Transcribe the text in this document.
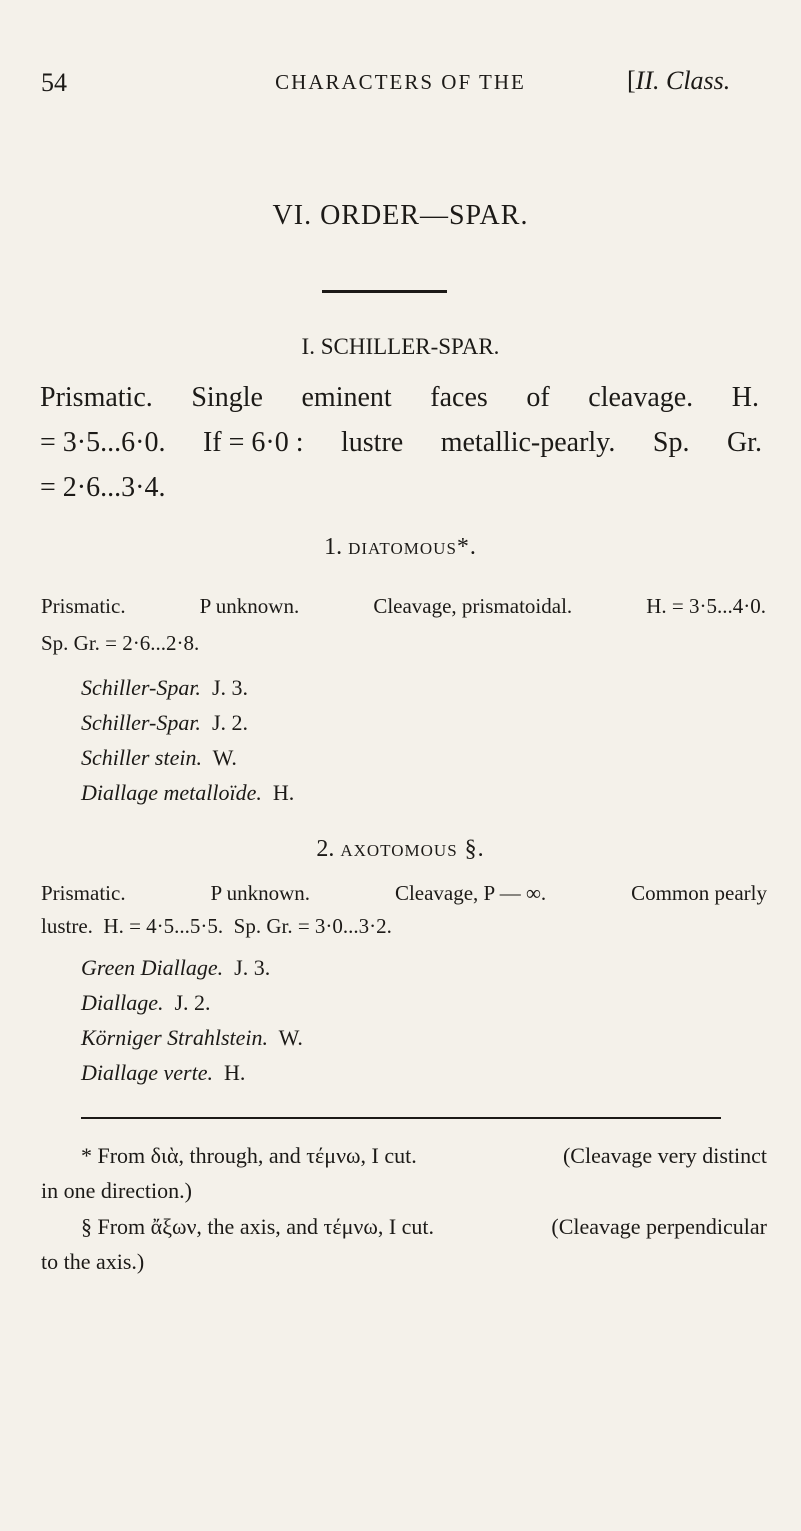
54	CHARACTERS OF THE	[II. Class.
VI. ORDER—SPAR.
I. SCHILLER-SPAR.
Prismatic. Single eminent faces of cleavage. H.
= 3·5...6·0. If = 6·0 : lustre metallic-pearly. Sp. Gr.
= 2·6...3·4.
1. diatomous*.
Prismatic.	P unknown.	Cleavage, prismatoidal.	H. = 3·5...4·0.
Sp. Gr. = 2·6...2·8.
Schiller-Spar. J. 3.
Schiller-Spar. J. 2.
Schiller stein. W.
Diallage metalloïde. H.
2. axotomous §.
Prismatic.	P unknown.	Cleavage, P — ∞.	Common pearly
lustre.  H. = 4·5...5·5.  Sp. Gr. = 3·0...3·2.
Green Diallage. J. 3.
Diallage. J. 2.
Körniger Strahlstein. W.
Diallage verte. H.
* From διὰ, through, and τέμνω, I cut.	(Cleavage very distinct
in one direction.)
§ From ἄξων, the axis, and τέμνω, I cut.	(Cleavage perpendicular
to the axis.)
